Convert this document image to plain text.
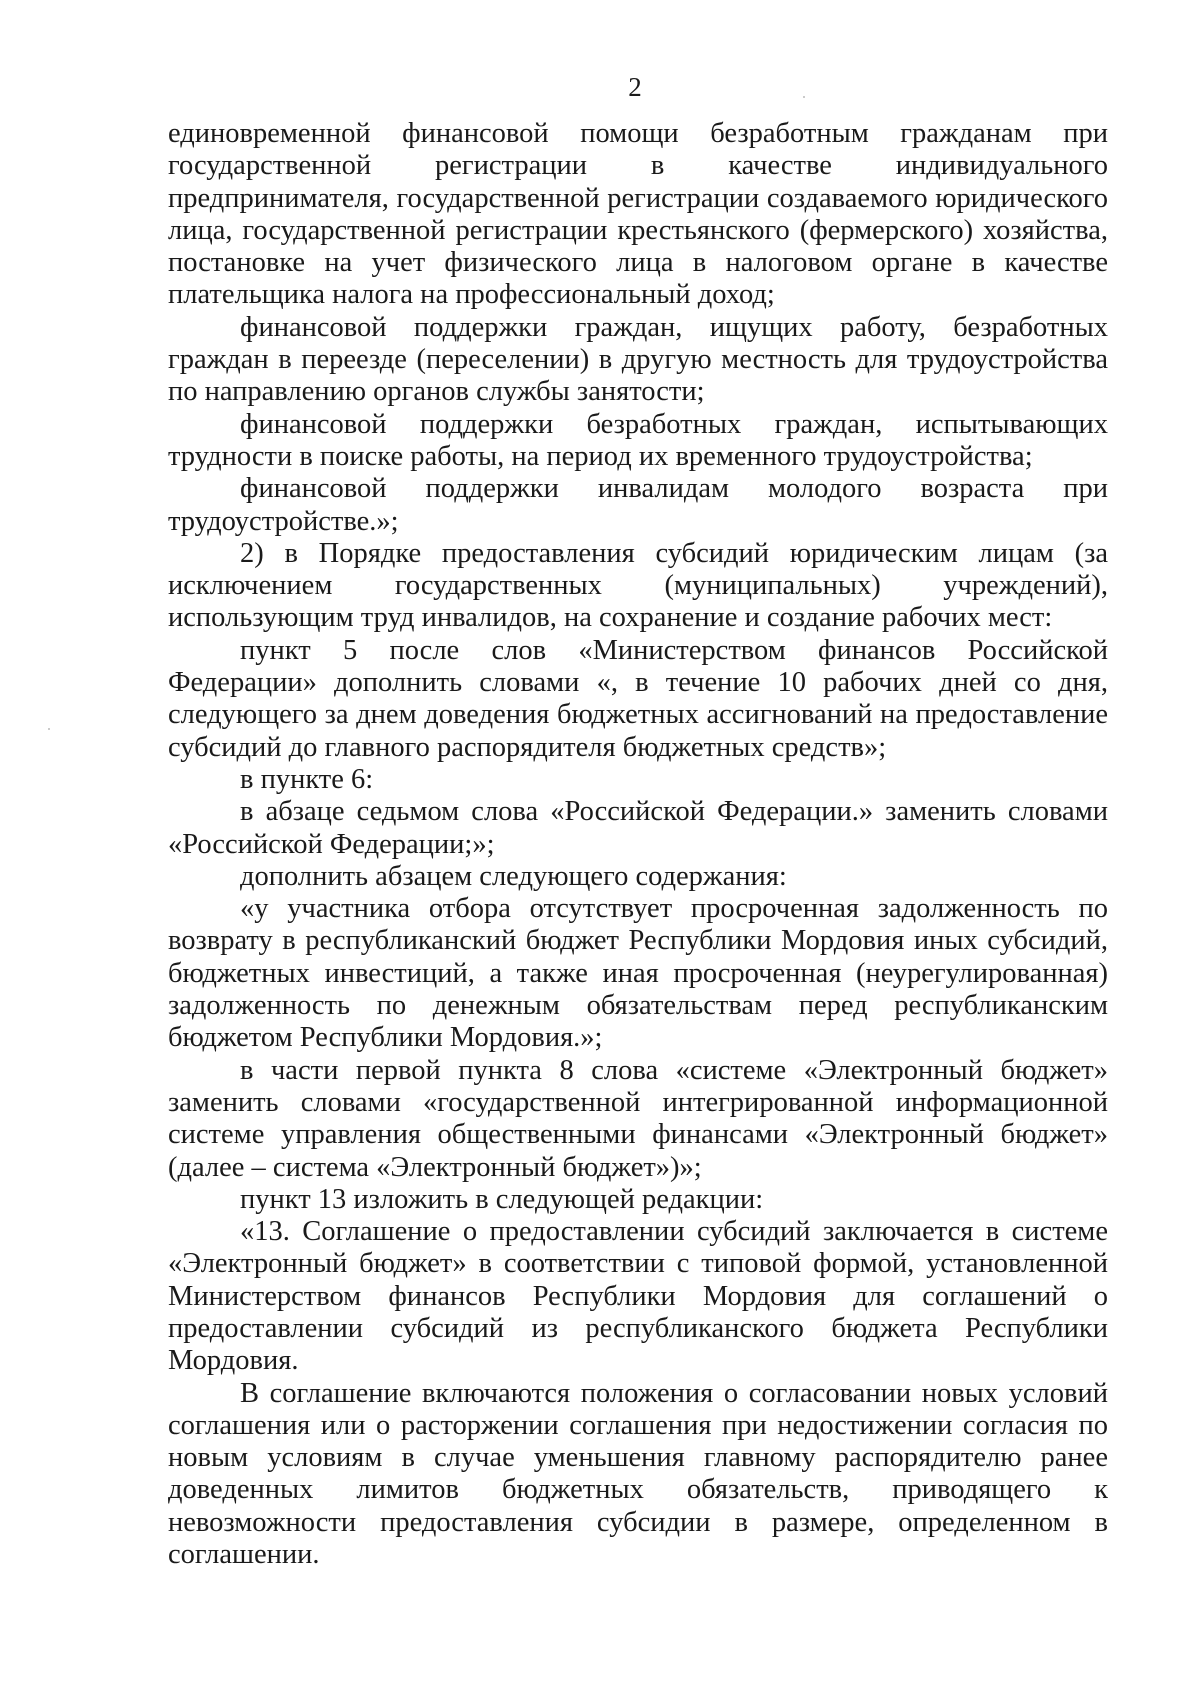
2

единовременной финансовой помощи безработным гражданам при государственной регистрации в качестве индивидуального предпринимателя, государственной регистрации создаваемого юридического лица, государственной регистрации крестьянского (фермерского) хозяйства, постановке на учет физического лица в налоговом органе в качестве плательщика налога на профессиональный доход;

финансовой поддержки граждан, ищущих работу, безработных граждан в переезде (переселении) в другую местность для трудоустройства по направлению органов службы занятости;

финансовой поддержки безработных граждан, испытывающих трудности в поиске работы, на период их временного трудоустройства;

финансовой поддержки инвалидам молодого возраста при трудоустройстве.»;

2) в Порядке предоставления субсидий юридическим лицам (за исключением государственных (муниципальных) учреждений), использующим труд инвалидов, на сохранение и создание рабочих мест:

пункт 5 после слов «Министерством финансов Российской Федерации» дополнить словами «, в течение 10 рабочих дней со дня, следующего за днем доведения бюджетных ассигнований на предоставление субсидий до главного распорядителя бюджетных средств»;

в пункте 6:

в абзаце седьмом слова «Российской Федерации.» заменить словами «Российской Федерации;»;

дополнить абзацем следующего содержания:

«у участника отбора отсутствует просроченная задолженность по возврату в республиканский бюджет Республики Мордовия иных субсидий, бюджетных инвестиций, а также иная просроченная (неурегулированная) задолженность по денежным обязательствам перед республиканским бюджетом Республики Мордовия.»;

в части первой пункта 8 слова «системе «Электронный бюджет» заменить словами «государственной интегрированной информационной системе управления общественными финансами «Электронный бюджет» (далее – система «Электронный бюджет»)»;

пункт 13 изложить в следующей редакции:

«13. Соглашение о предоставлении субсидий заключается в системе «Электронный бюджет» в соответствии с типовой формой, установленной Министерством финансов Республики Мордовия для соглашений о предоставлении субсидий из республиканского бюджета Республики Мордовия.

В соглашение включаются положения о согласовании новых условий соглашения или о расторжении соглашения при недостижении согласия по новым условиям в случае уменьшения главному распорядителю ранее доведенных лимитов бюджетных обязательств, приводящего к невозможности предоставления субсидии в размере, определенном в соглашении.
